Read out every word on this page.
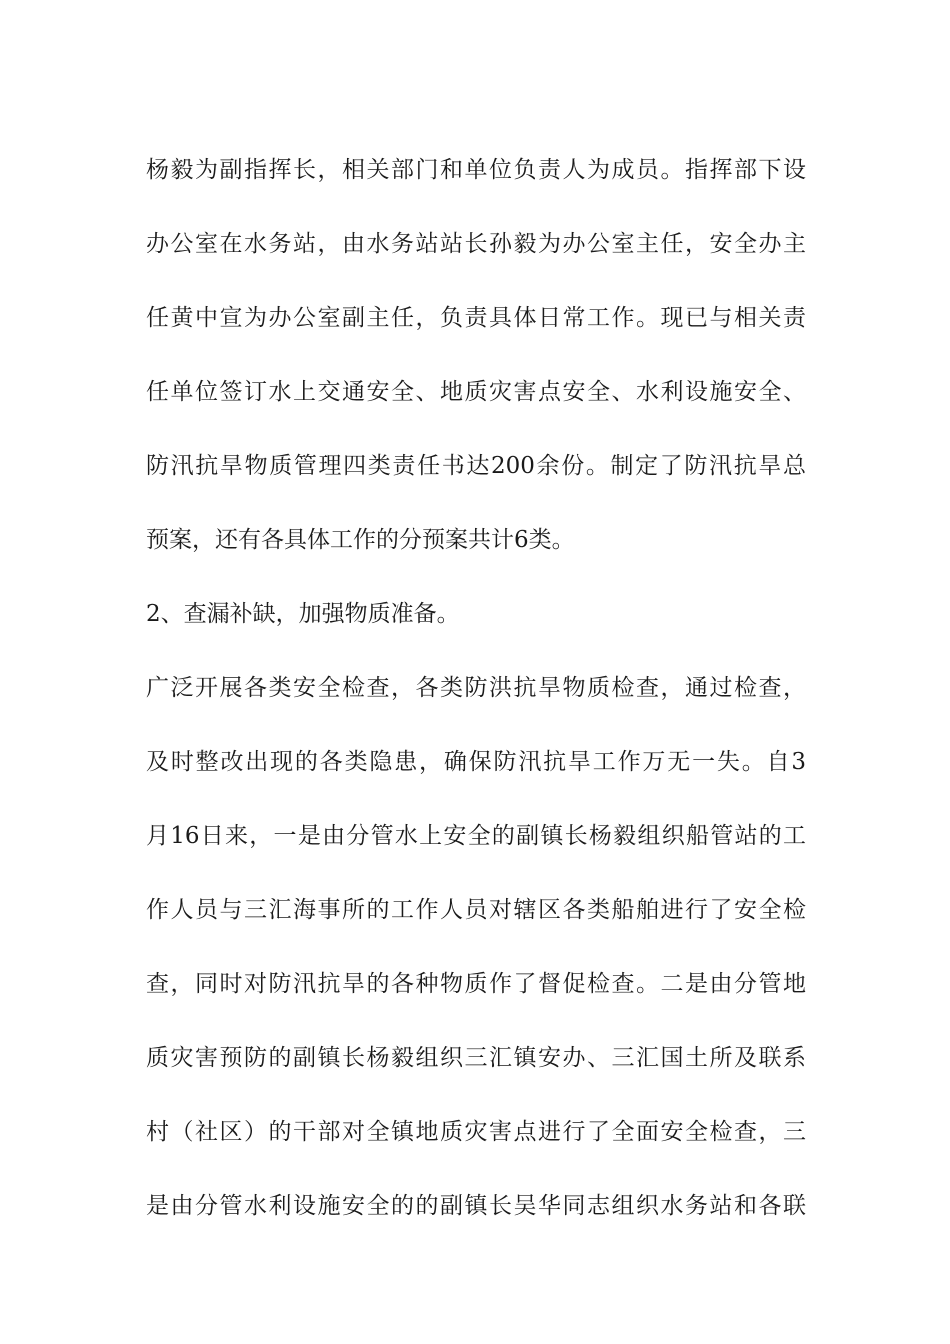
杨毅为副指挥长，相关部门和单位负责人为成员。指挥部下设

办公室在水务站，由水务站站长孙毅为办公室主任，安全办主

任黄中宣为办公室副主任，负责具体日常工作。现已与相关责

任单位签订水上交通安全、地质灾害点安全、水利设施安全、

防汛抗旱物质管理四类责任书达200余份。制定了防汛抗旱总

预案，还有各具体工作的分预案共计6类。

2、查漏补缺，加强物质准备。

广泛开展各类安全检查，各类防洪抗旱物质检查，通过检查，

及时整改出现的各类隐患，确保防汛抗旱工作万无一失。自3

月16日来，一是由分管水上安全的副镇长杨毅组织船管站的工

作人员与三汇海事所的工作人员对辖区各类船舶进行了安全检

查，同时对防汛抗旱的各种物质作了督促检查。二是由分管地

质灾害预防的副镇长杨毅组织三汇镇安办、三汇国土所及联系

村（社区）的干部对全镇地质灾害点进行了全面安全检查，三

是由分管水利设施安全的的副镇长吴华同志组织水务站和各联
